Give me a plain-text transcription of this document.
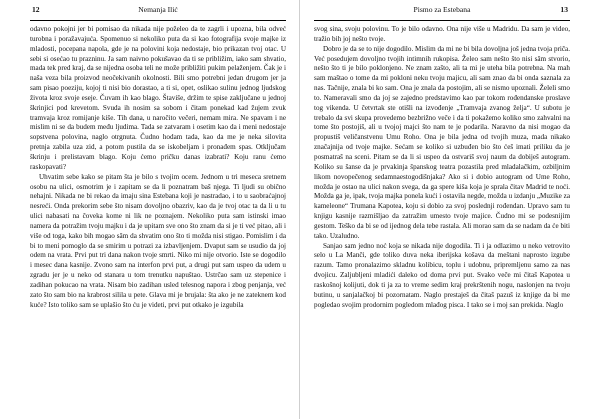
12	Nemanja Ilić

odavno pokojni jer bi pomisao da nikada nije poželeo da te zagrli i upozna, bila odveć turobna i poražavajuća. Spomenuo si nekoliko puta da si kao fotografija svoje majke iz mladosti, pocepana napola, gde je na polovini koja nedostaje, bio prikazan tvoj otac. U sebi si osećao tu prazninu. Ja sam naivno pokušavao da ti se približim, iako sam shvatio, mada tek pred kraj, da se nijedna osoba teli ne može približiti pukim pelaženjem. Čak je i naša veza bila proizvod neočekivanih okolnosti. Bili smo potrebni jedan drugom jer ja sam pisao poeziju, kojoj ti nisi bio dorastao, a ti si, opet, oslikao sulinu jednog ljudskog života kroz svoje eseje. Čuvam ih kao blago. Štaviše, držim te spise zaključane u jednoj škrinjici pod krevetom. Svuda ih nosim sa sobom i čitam ponekad kad žujem zvuk tramvaja kroz romijanje kiše. Tih dana, u naročito večeri, nemam mira. Ne spavam i ne mislim ni se da budem među ljudima. Tada se zatvaram i osetim kao da i meni nedostaje sopstvena polovina, naglo otrgnuta. Čudno hodam tada, kao da me je neka silovita pretnja zabila uza zid, a potom pustila da se iskobeljam i pronađem spas. Otključam škrinju i prelistavam blago. Koju ćemo pričku danas izabrati? Koju ranu ćemo raskopavati?

Uhvatim sebe kako se pitam šta je bilo s tvojim ocem. Jednom u tri meseca sretnem osobu na ulici, osmotrim je i zapitam se da li poznatram baš njega. Ti ljudi su obično nehajni. Nikada ne bi rekao da imaju sina Estebana koji je nastradao, i to u saobraćajnoj nesreći. Onda prekorim sebe što nisam dovoljno obazriv, kao da je tvoj otac ta da li u tu ulici nabasati na čoveka kome ni lik ne poznajem. Nekoliko puta sam istinski imao namera da potražim tvoju majku i da je upitam sve ono što znam da si je ti već pitao, ali i više od toga, kako bih mogao sâm da shvatim ono što ti možda nisi stigao. Pomislim i da bi to meni pomoglo da se smirim u potrazi za izbavljenjem. Dvaput sam se usudio da joj odem na vrata. Prvi put tri dana nakon tvoje smrti. Niko mi nije otvorio. Iste se dogodilo i mesec dana kasnije. Zvono sam na interfon prvi put, a drugi put sam uspeo da udem u zgradu jer je u neko od stanara u tom trenutku napuštao. Ustrčao sam uz stepenice i zadihan pokucao na vrata. Nisam bio zadihan usled telesnog napora i zbog penjanja, već zato što sam bio na krabrost silila u pete. Glava mi je brujala: šta ako je ne zateknem kod kuće? Isto toliko sam se uplašio što ću je videti, prvi put otkako je izgubila

Pismo za Estebana	13

svog sina, svoju polovinu. To je bilo odavno. Ona nije više u Madridu. Da sam je video, tražio bih joj nešto tvoje.

Dobro je da se to nije dogodilo. Mislim da mi ne bi bila dovoljna još jedna tvoja priča. Već posedujem dovoljno tvojih intimnih rukopisa. Želeo sam nešto što nisi sâm stvorio, nešto što ti je bilo poklonjeno. Ne znam zašto, ali ta mi je uteha bila potrebna. Na mah sam maštao o tome da mi pokloni neku tvoju majicu, ali sam znao da bi onda saznala za nas. Tačnije, znala bi ko sam. Ona je znala da postojim, ali se nismo upoznali. Želeli smo to. Nameravali smo da joj se zajedno predstavimo kao par tokom rođendanske proslave tog vikenda. U četvrtak ste otišli na izvođenje „Tramvaja zvanog želja“. U subotu je trebalo da svi skupa provedemo bezbrižno veče i da ti pokažemo koliko smo zahvalni na tome što postojiš, ali u tvojoj majci što nam te je podarila. Naravno da nisi mogao da propustiš veličanstvenu Umu Roho. Ona je bila jedna od tvojih muza, mada nikako značajnija od tvoje majke. Sećam se koliko si uzbuđen bio što ćeš imati priliku da je posmatraš na sceni. Pitam se da li si uspeo da ostvariš svoj naum da dobiješ autogram. Koliko su šanse da je prvakinja španskog teatra pozastila pred mladalačkim, ozbiljnim likom novopečenog sedamnaestogodišnjaka? Ako si i dobio autogram od Ume Roho, možda je ostao na ulici nakon svega, da ga spere kiša koja je sprala čitav Madrid te noći. Možda ga je, ipak, tvoja majka ponela kući i ostavila negde, možda u izdanju „Muzike za kameleone“ Trumana Kapotea, koju si dobio za svoj poslednji rođendan. Upravo sam tu knjigu kasnije razmišljao da zatražim umesto tvoje majice. Čudno mi se podesnijim gestom. Teško da bi se od ijednog dela tebe rastala. Ali morao sam da se nadam da će biti tako. Uzaludno.

Sanjao sam jedno noć koja se nikada nije dogodila. Ti i ja odlazimo u neko vetrovito selo u La Manči, gde toliko duva neka iberijska košava da meštani naprosto izgube razum. Tamo pronalazimo skladnu kolibicu, toplu i udobnu, pripremljenu samo za nas dvojicu. Zaljubljeni mladići daleko od doma prvi put. Svako veče mi čitaš Kapotea u raskošnoj kolijuti, dok ti ja za to vreme sedim kraj prekrštenih nogu, naslonjen na tvoju butinu, u sanjalačkoj bi pozornatam. Naglo prestaješ da čitaš pazuš iz knjige da bi me pogledao svojim prodornim pogledom mlađog pisca. I tako se i moj san prekida. Naglo
